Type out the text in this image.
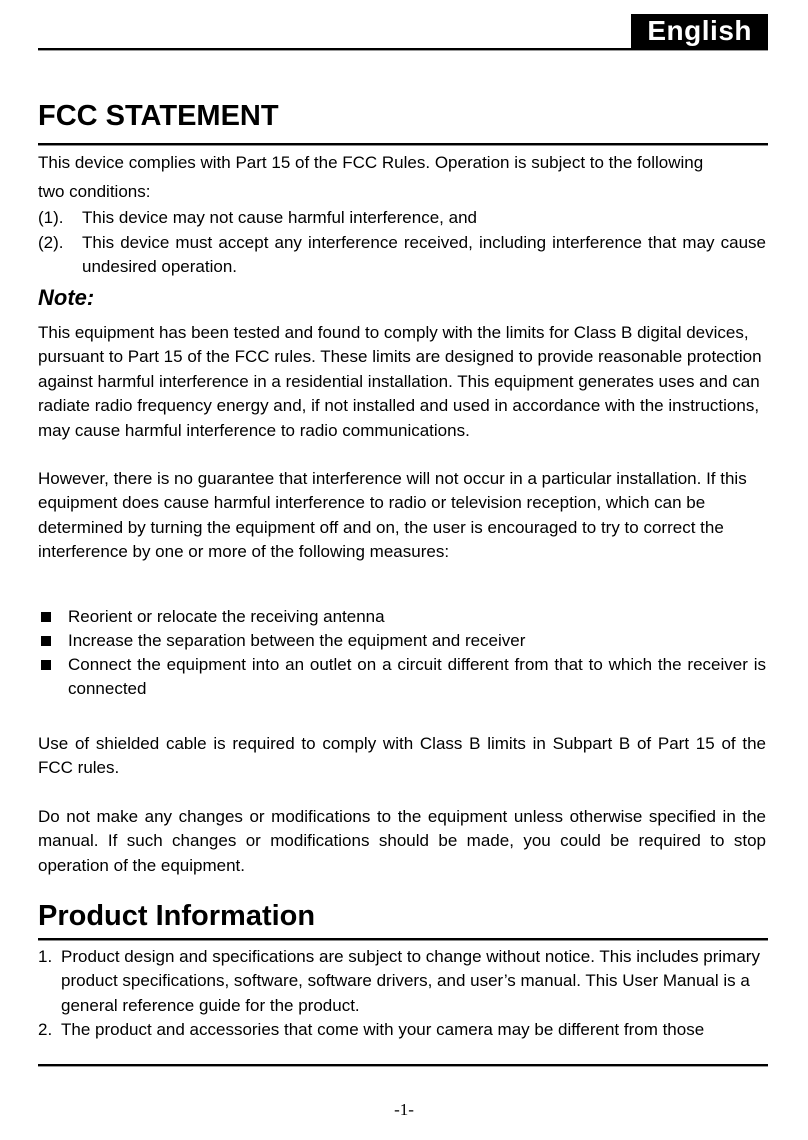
English
FCC STATEMENT

This device complies with Part 15 of the FCC Rules. Operation is subject to the following

two conditions:

(1).	This device may not cause harmful interference, and
(2).	This device must accept any interference received, including interference that may cause undesired operation.
Note:

This equipment has been tested and found to comply with the limits for Class B digital devices, pursuant to Part 15 of the FCC rules. These limits are designed to provide reasonable protection against harmful interference in a residential installation. This equipment generates uses and can radiate radio frequency energy and, if not installed and used in accordance with the instructions, may cause harmful interference to radio communications.

However, there is no guarantee that interference will not occur in a particular installation. If this equipment does cause harmful interference to radio or television reception, which can be determined by turning the equipment off and on, the user is encouraged to try to correct the interference by one or more of the following measures:

Reorient or relocate the receiving antenna
Increase the separation between the equipment and receiver
Connect the equipment into an outlet on a circuit different from that to which the receiver is connected

Use of shielded cable is required to comply with Class B limits in Subpart B of Part 15 of the FCC rules.

Do not make any changes or modifications to the equipment unless otherwise specified in the manual. If such changes or modifications should be made, you could be required to stop operation of the equipment.

Product Information
1. Product design and specifications are subject to change without notice. This includes primary product specifications, software, software drivers, and user’s manual. This User Manual is a general reference guide for the product.
2. The product and accessories that come with your camera may be different from those
-1-
